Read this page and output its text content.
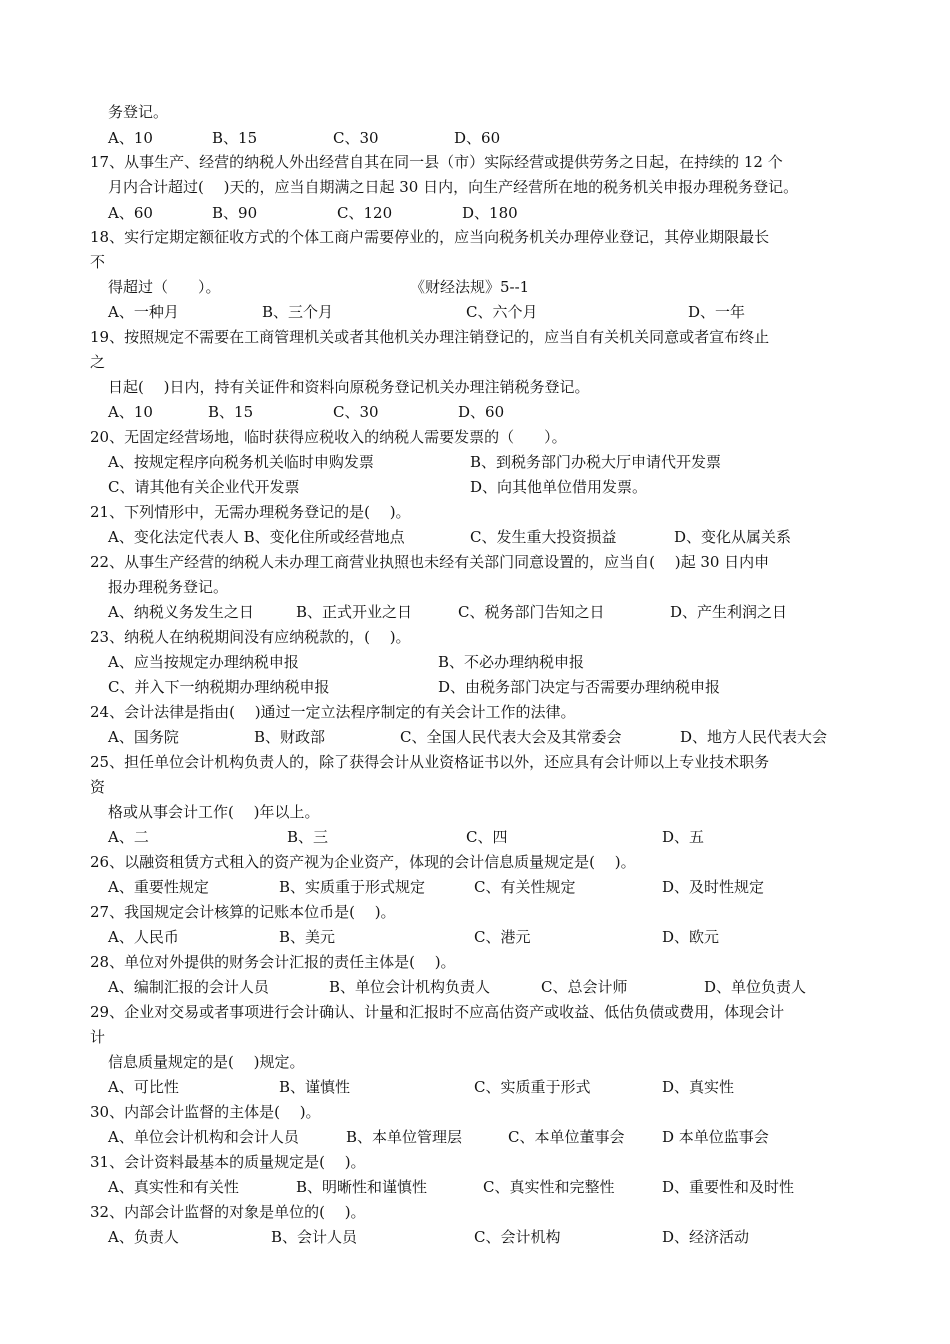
务登记。
A、10	B、15	C、30	D、60
17、从事生产、经营的纳税人外出经营自其在同一县（市）实际经营或提供劳务之日起，在持续的 12 个
月内合计超过(　 )天的，应当自期满之日起 30 日内，向生产经营所在地的税务机关申报办理税务登记。
A、60	B、90	C、120	D、180
18、实行定期定额征收方式的个体工商户需要停业的，应当向税务机关办理停业登记，其停业期限最长
不
得超过（　　）。	《财经法规》5--1
A、一种月	B、三个月	C、六个月	D、一年
19、按照规定不需要在工商管理机关或者其他机关办理注销登记的，应当自有关机关同意或者宣布终止
之
日起(　 )日内，持有关证件和资料向原税务登记机关办理注销税务登记。
A、10	B、15	C、30	D、60
20、无固定经营场地，临时获得应税收入的纳税人需要发票的（　　）。
A、按规定程序向税务机关临时申购发票	B、到税务部门办税大厅申请代开发票
C、请其他有关企业代开发票	D、向其他单位借用发票。
21、下列情形中，无需办理税务登记的是(　 )。
A、变化法定代表人 B、变化住所或经营地点	C、发生重大投资损益	D、变化从属关系
22、从事生产经营的纳税人未办理工商营业执照也未经有关部门同意设置的，应当自(　 )起 30 日内申
报办理税务登记。
A、纳税义务发生之日	B、正式开业之日	C、税务部门告知之日	D、产生利润之日
23、纳税人在纳税期间没有应纳税款的，(　 )。
A、应当按规定办理纳税申报	B、不必办理纳税申报
C、并入下一纳税期办理纳税申报	D、由税务部门决定与否需要办理纳税申报
24、会计法律是指由(　 )通过一定立法程序制定的有关会计工作的法律。
A、国务院	B、财政部	C、全国人民代表大会及其常委会	D、地方人民代表大会
25、担任单位会计机构负责人的，除了获得会计从业资格证书以外，还应具有会计师以上专业技术职务
资
格或从事会计工作(　 )年以上。
A、二	B、三	C、四	D、五
26、以融资租赁方式租入的资产视为企业资产，体现的会计信息质量规定是(　 )。
A、重要性规定	B、实质重于形式规定	C、有关性规定	D、及时性规定
27、我国规定会计核算的记账本位币是(　 )。
A、人民币	B、美元	C、港元	D、欧元
28、单位对外提供的财务会计汇报的责任主体是(　 )。
A、编制汇报的会计人员	B、单位会计机构负责人	C、总会计师	D、单位负责人
29、企业对交易或者事项进行会计确认、计量和汇报时不应高估资产或收益、低估负债或费用，体现会计
计
信息质量规定的是(　 )规定。
A、可比性	B、谨慎性	C、实质重于形式	D、真实性
30、内部会计监督的主体是(　 )。
A、单位会计机构和会计人员	B、本单位管理层	C、本单位董事会	D 本单位监事会
31、会计资料最基本的质量规定是(　 )。
A、真实性和有关性	B、明晰性和谨慎性	C、真实性和完整性	D、重要性和及时性
32、内部会计监督的对象是单位的(　 )。
A、负责人	B、会计人员	C、会计机构	D、经济活动
